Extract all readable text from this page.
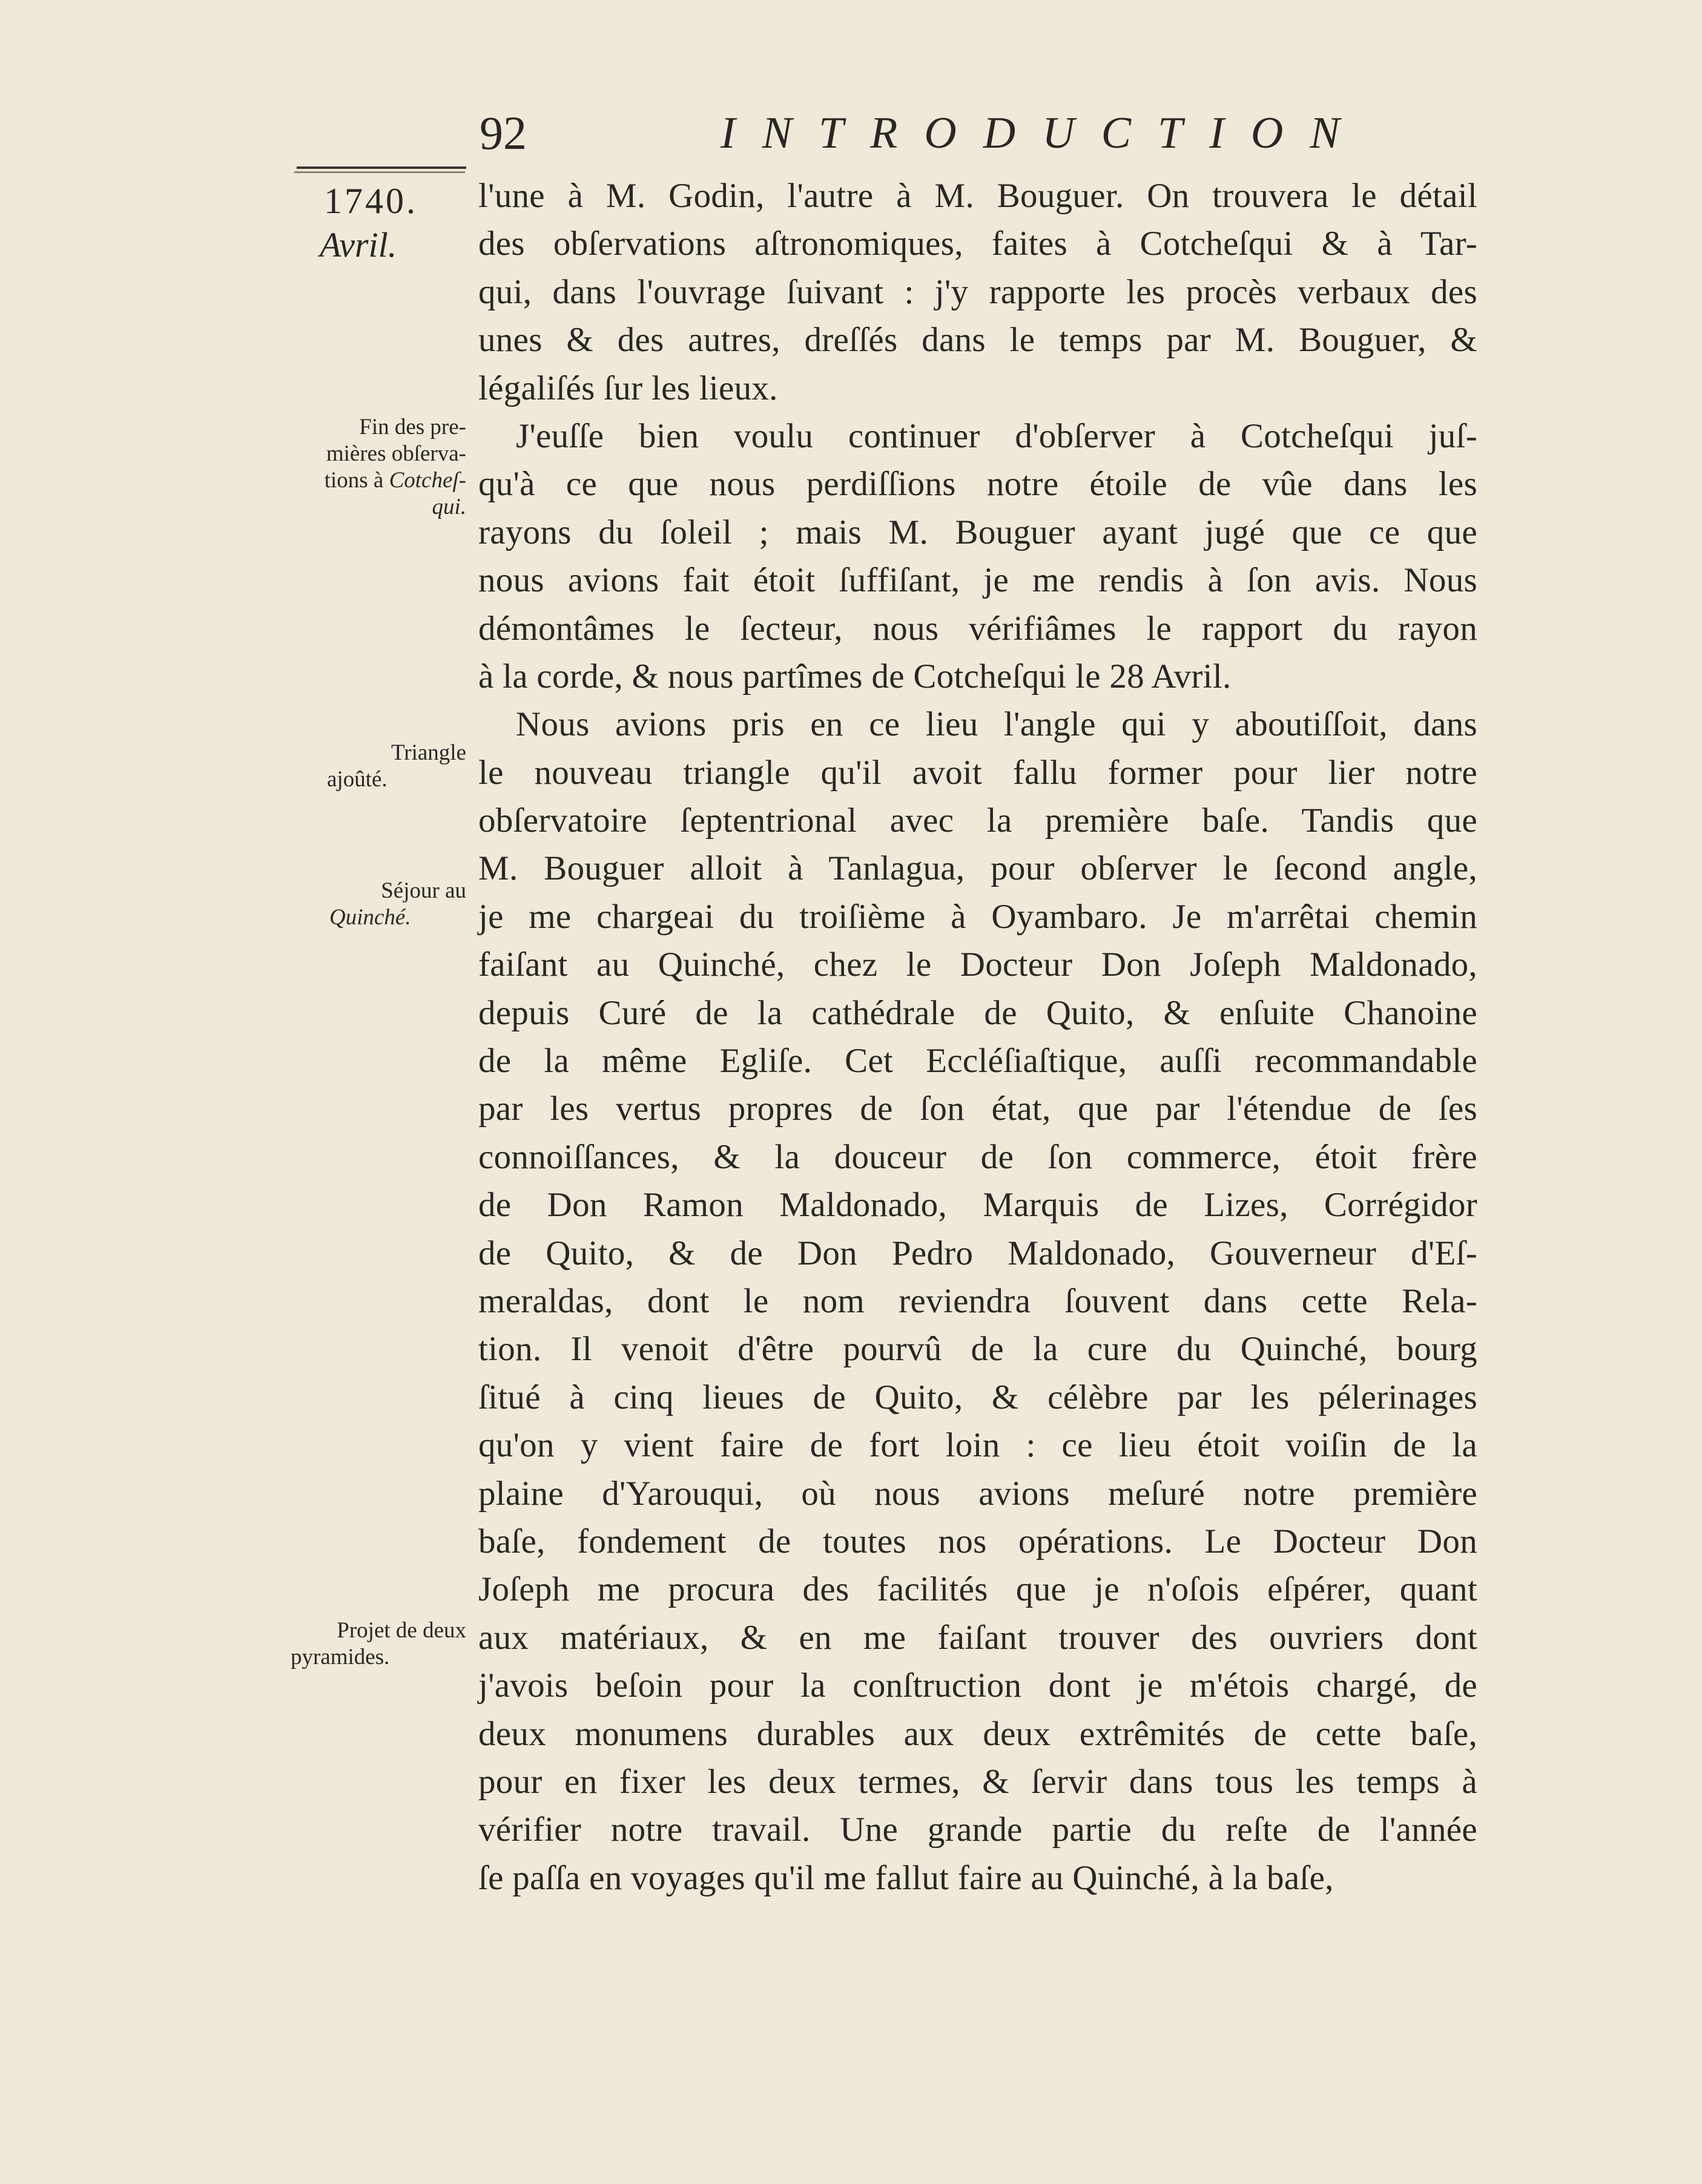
92	INTRODUCTION
1740.
Avril.
Fin des pre-
mières obſerva-
tions à Cotcheſ-
qui.
Triangle
ajoûté.
Séjour au
Quinché.
Projet de deux
pyramides.
l'une à M. Godin, l'autre à M. Bouguer. On trouvera le détail
des obſervations aſtronomiques, faites à Cotcheſqui & à Tar-
qui, dans l'ouvrage ſuivant : j'y rapporte les procès verbaux des
unes & des autres, dreſſés dans le temps par M. Bouguer, &
légaliſés ſur les lieux.
J'euſſe bien voulu continuer d'obſerver à Cotcheſqui juſ-
qu'à ce que nous perdiſſions notre étoile de vûe dans les
rayons du ſoleil ; mais M. Bouguer ayant jugé que ce que
nous avions fait étoit ſuffiſant, je me rendis à ſon avis. Nous
démontâmes le ſecteur, nous vérifiâmes le rapport du rayon
à la corde, & nous partîmes de Cotcheſqui le 28 Avril.
Nous avions pris en ce lieu l'angle qui y aboutiſſoit, dans
le nouveau triangle qu'il avoit fallu former pour lier notre
obſervatoire ſeptentrional avec la première baſe. Tandis que
M. Bouguer alloit à Tanlagua, pour obſerver le ſecond angle,
je me chargeai du troiſième à Oyambaro. Je m'arrêtai chemin
faiſant au Quinché, chez le Docteur Don Joſeph Maldonado,
depuis Curé de la cathédrale de Quito, & enſuite Chanoine
de la même Egliſe. Cet Eccléſiaſtique, auſſi recommandable
par les vertus propres de ſon état, que par l'étendue de ſes
connoiſſances, & la douceur de ſon commerce, étoit frère
de Don Ramon Maldonado, Marquis de Lizes, Corrégidor
de Quito, & de Don Pedro Maldonado, Gouverneur d'Eſ-
meraldas, dont le nom reviendra ſouvent dans cette Rela-
tion. Il venoit d'être pourvû de la cure du Quinché, bourg
ſitué à cinq lieues de Quito, & célèbre par les pélerinages
qu'on y vient faire de fort loin : ce lieu étoit voiſin de la
plaine d'Yarouqui, où nous avions meſuré notre première
baſe, fondement de toutes nos opérations. Le Docteur Don
Joſeph me procura des facilités que je n'oſois eſpérer, quant
aux matériaux, & en me faiſant trouver des ouvriers dont
j'avois beſoin pour la conſtruction dont je m'étois chargé, de
deux monumens durables aux deux extrêmités de cette baſe,
pour en fixer les deux termes, & ſervir dans tous les temps à
vérifier notre travail. Une grande partie du reſte de l'année
ſe paſſa en voyages qu'il me fallut faire au Quinché, à la baſe,
